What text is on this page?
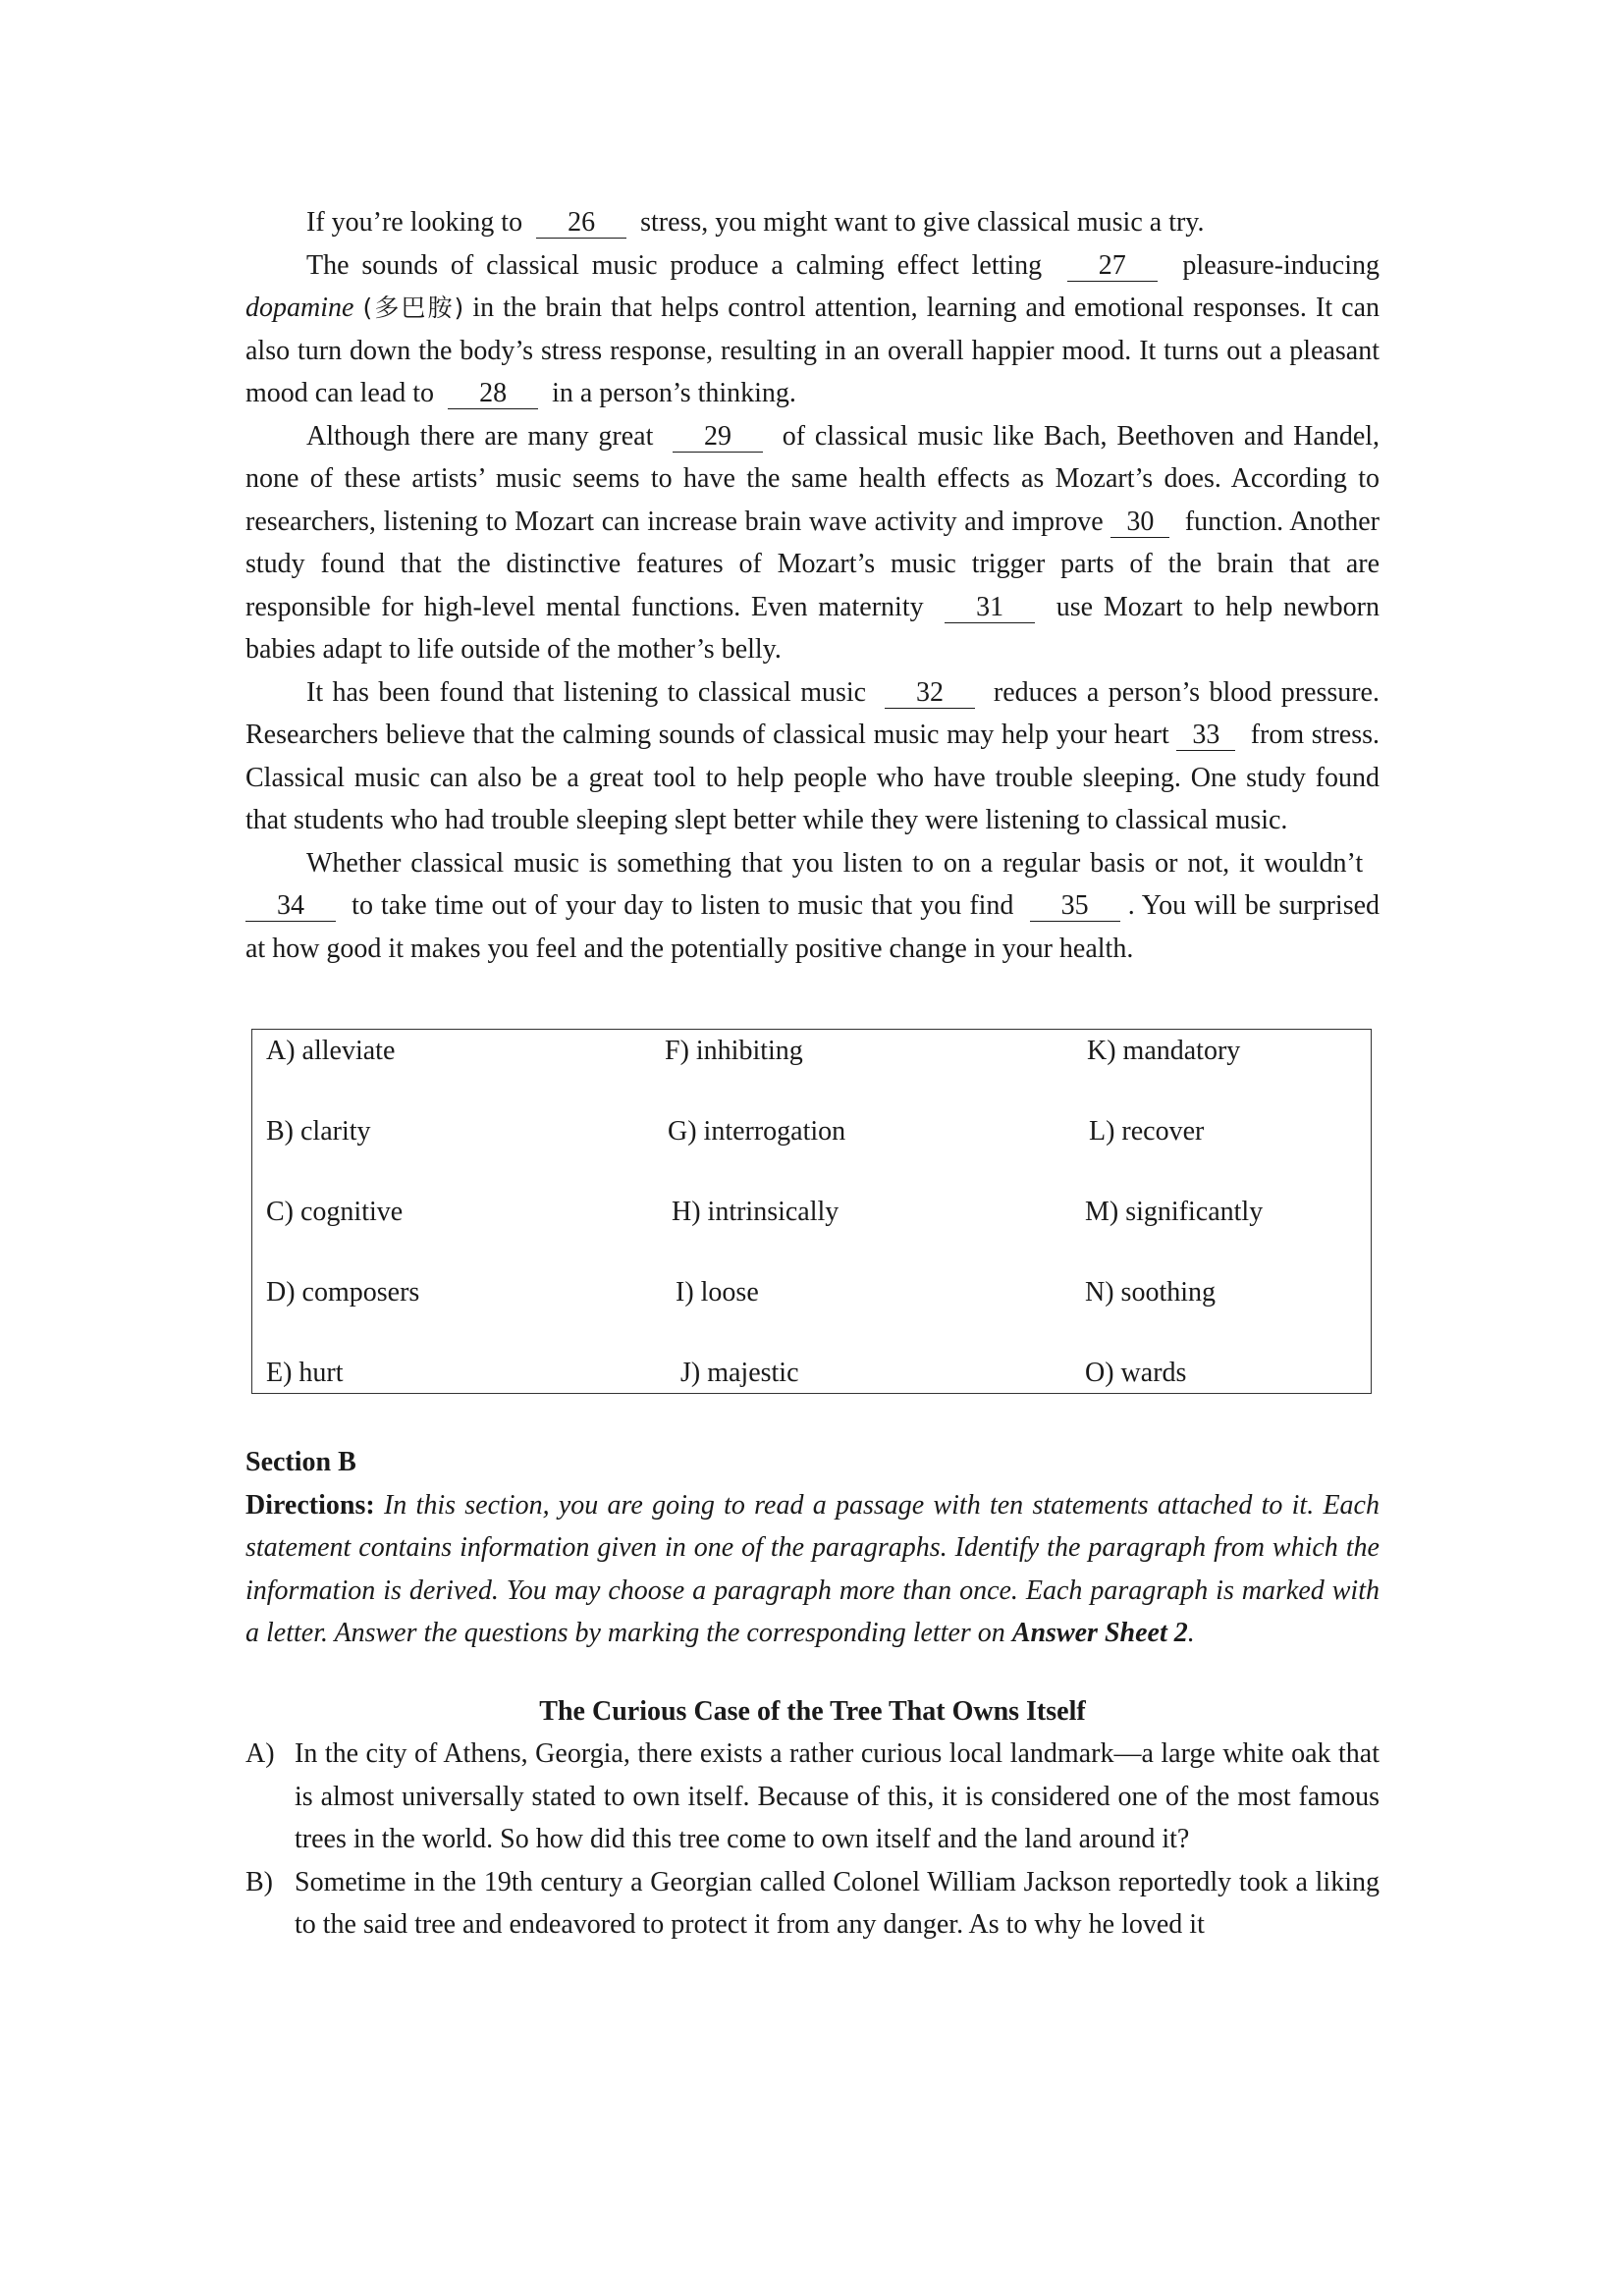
If you’re looking to 26 stress, you might want to give classical music a try.

The sounds of classical music produce a calming effect letting 27 pleasure-inducing dopamine (多巴胺) in the brain that helps control attention, learning and emotional responses. It can also turn down the body’s stress response, resulting in an overall happier mood. It turns out a pleasant mood can lead to 28 in a person’s thinking.

Although there are many great 29 of classical music like Bach, Beethoven and Handel, none of these artists’ music seems to have the same health effects as Mozart’s does. According to researchers, listening to Mozart can increase brain wave activity and improve 30 function. Another study found that the distinctive features of Mozart’s music trigger parts of the brain that are responsible for high-level mental functions. Even maternity 31 use Mozart to help newborn babies adapt to life outside of the mother’s belly.

It has been found that listening to classical music 32 reduces a person’s blood pressure. Researchers believe that the calming sounds of classical music may help your heart 33 from stress. Classical music can also be a great tool to help people who have trouble sleeping. One study found that students who had trouble sleeping slept better while they were listening to classical music.

Whether classical music is something that you listen to on a regular basis or not, it wouldn’t  34 to take time out of your day to listen to music that you find 35 . You will be surprised at how good it makes you feel and the potentially positive change in your health.

A) alleviate
B) clarity
C) cognitive
D) composers
E) hurt
F) inhibiting
G) interrogation
H) intrinsically
I) loose
J) majestic
K) mandatory
L) recover
M) significantly
N) soothing
O) wards

Section B

Directions: In this section, you are going to read a passage with ten statements attached to it. Each statement contains information given in one of the paragraphs. Identify the paragraph from which the information is derived. You may choose a paragraph more than once. Each paragraph is marked with a letter. Answer the questions by marking the corresponding letter on Answer Sheet 2.

The Curious Case of the Tree That Owns Itself

A) In the city of Athens, Georgia, there exists a rather curious local landmark—a large white oak that is almost universally stated to own itself. Because of this, it is considered one of the most famous trees in the world. So how did this tree come to own itself and the land around it?
B) Sometime in the 19th century a Georgian called Colonel William Jackson reportedly took a liking to the said tree and endeavored to protect it from any danger. As to why he loved it
